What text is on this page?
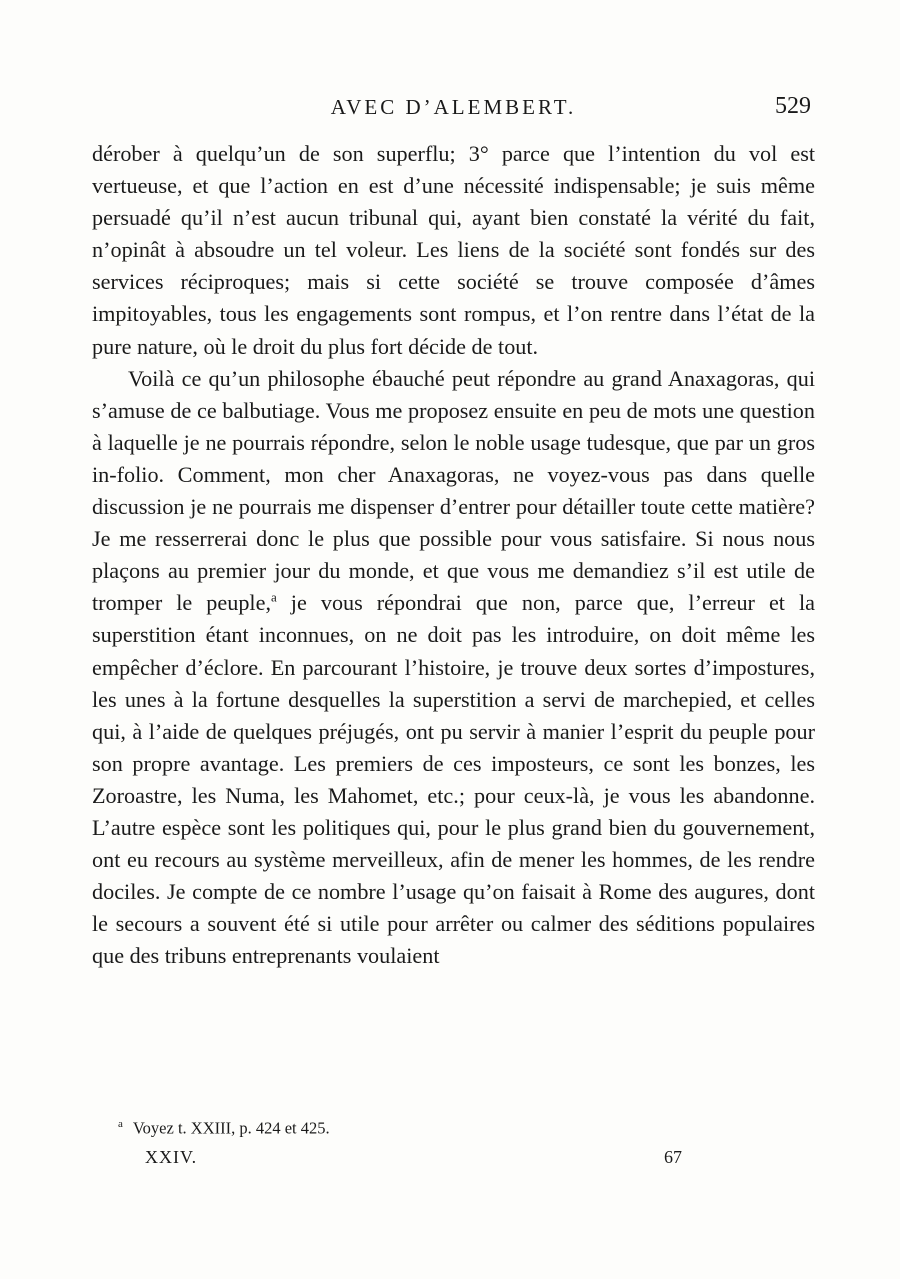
AVEC D’ALEMBERT.	529

dérober à quelqu’un de son superflu; 3° parce que l’intention du vol est vertueuse, et que l’action en est d’une nécessité indispensable; je suis même persuadé qu’il n’est aucun tribunal qui, ayant bien constaté la vérité du fait, n’opinât à absoudre un tel voleur. Les liens de la société sont fondés sur des services réciproques; mais si cette société se trouve composée d’âmes impitoyables, tous les engagements sont rompus, et l’on rentre dans l’état de la pure nature, où le droit du plus fort décide de tout.

Voilà ce qu’un philosophe ébauché peut répondre au grand Anaxagoras, qui s’amuse de ce balbutiage. Vous me proposez ensuite en peu de mots une question à laquelle je ne pourrais répondre, selon le noble usage tudesque, que par un gros in-folio. Comment, mon cher Anaxagoras, ne voyez-vous pas dans quelle discussion je ne pourrais me dispenser d’entrer pour détailler toute cette matière? Je me resserrerai donc le plus que possible pour vous satisfaire. Si nous nous plaçons au premier jour du monde, et que vous me demandiez s’il est utile de tromper le peuple,$^a$ je vous répondrai que non, parce que, l’erreur et la superstition étant inconnues, on ne doit pas les introduire, on doit même les empêcher d’éclore. En parcourant l’histoire, je trouve deux sortes d’impostures, les unes à la fortune desquelles la superstition a servi de marchepied, et celles qui, à l’aide de quelques préjugés, ont pu servir à manier l’esprit du peuple pour son propre avantage. Les premiers de ces imposteurs, ce sont les bonzes, les Zoroastre, les Numa, les Mahomet, etc.; pour ceux-là, je vous les abandonne. L’autre espèce sont les politiques qui, pour le plus grand bien du gouvernement, ont eu recours au système merveilleux, afin de mener les hommes, de les rendre dociles. Je compte de ce nombre l’usage qu’on faisait à Rome des augures, dont le secours a souvent été si utile pour arrêter ou calmer des séditions populaires que des tribuns entreprenants voulaient

$^a$ Voyez t. XXIII, p. 424 et 425.
XXIV.	67
